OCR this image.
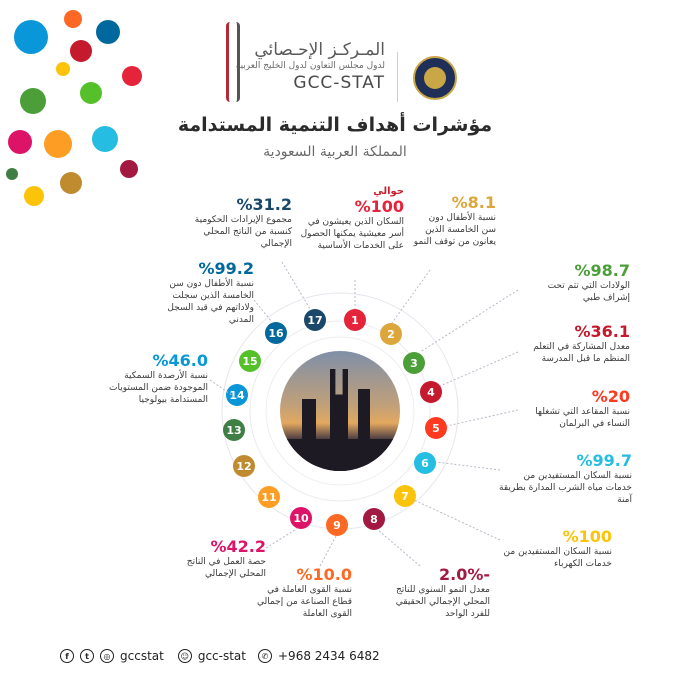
المـركـز الإحـصائي
لدول مجلس التعاون لدول الخليج العربية
GCC-STAT
مؤشرات أهداف التنمية المستدامة
المملكة العربية السعودية
1
2
3
4
5
6
7
8
9
10
11
12
13
14
15
16
17
حوالي
%100
السكان الذين يعيشون في أسر معيشية يمكنها الحصول على الخدمات الأساسية
%8.1
نسبة الأطفال دون سن الخامسة الذين يعانون من توقف النمو
%98.7
الولادات التي تتم تحت إشراف طبي
%36.1
معدل المشاركة في التعلم المنظم ما قبل المدرسة
%20
نسبة المقاعد التي تشغلها النساء في البرلمان
%99.7
نسبة السكان المستفيدين من خدمات مياه الشرب المدارة بطريقة آمنة
%100
نسبة السكان المستفيدين من خدمات الكهرباء
-2.0%
معدل النمو السنوي للناتج المحلي الإجمالي الحقيقي للفرد الواحد
%10.0
نسبة القوى العاملة في قطاع الصناعة من إجمالي القوى العاملة
%42.2
حصة العمل في الناتج المحلي الإجمالي
%46.0
نسبة الأرصدة السمكية الموجودة ضمن المستويات المستدامة بيولوجيا
%99.2
نسبة الأطفال دون سن الخامسة الذين سجلت ولاداتهم في قيد السجل المدني
%31.2
مجموع الإيرادات الحكومية كنسبة من الناتج المحلي الإجمالي
f	t	◎ gccstat	☺ gcc-stat	✆ +968 2434 6482
